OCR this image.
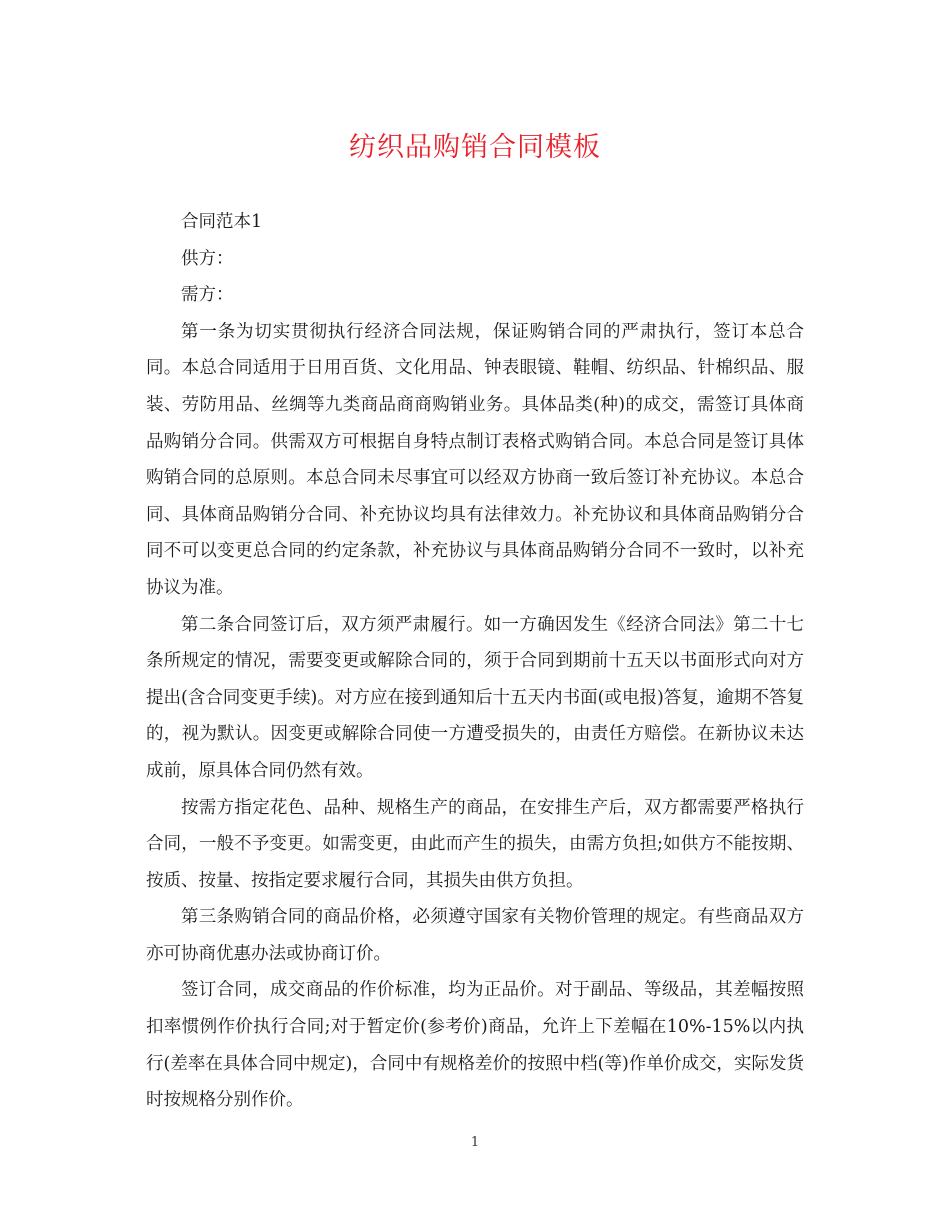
纺织品购销合同模板

合同范本1

供方：

需方：

第一条为切实贯彻执行经济合同法规，保证购销合同的严肃执行，签订本总合同。本总合同适用于日用百货、文化用品、钟表眼镜、鞋帽、纺织品、针棉织品、服装、劳防用品、丝绸等九类商品商商购销业务。具体品类(种)的成交，需签订具体商品购销分合同。供需双方可根据自身特点制订表格式购销合同。本总合同是签订具体购销合同的总原则。本总合同未尽事宜可以经双方协商一致后签订补充协议。本总合同、具体商品购销分合同、补充协议均具有法律效力。补充协议和具体商品购销分合同不可以变更总合同的约定条款，补充协议与具体商品购销分合同不一致时，以补充协议为准。

第二条合同签订后，双方须严肃履行。如一方确因发生《经济合同法》第二十七条所规定的情况，需要变更或解除合同的，须于合同到期前十五天以书面形式向对方提出(含合同变更手续)。对方应在接到通知后十五天内书面(或电报)答复，逾期不答复的，视为默认。因变更或解除合同使一方遭受损失的，由责任方赔偿。在新协议未达成前，原具体合同仍然有效。

按需方指定花色、品种、规格生产的商品，在安排生产后，双方都需要严格执行合同，一般不予变更。如需变更，由此而产生的损失，由需方负担;如供方不能按期、按质、按量、按指定要求履行合同，其损失由供方负担。

第三条购销合同的商品价格，必须遵守国家有关物价管理的规定。有些商品双方亦可协商优惠办法或协商订价。

签订合同，成交商品的作价标准，均为正品价。对于副品、等级品，其差幅按照扣率惯例作价执行合同;对于暂定价(参考价)商品，允许上下差幅在10%-15%以内执行(差率在具体合同中规定)，合同中有规格差价的按照中档(等)作单价成交，实际发货时按规格分别作价。

1
